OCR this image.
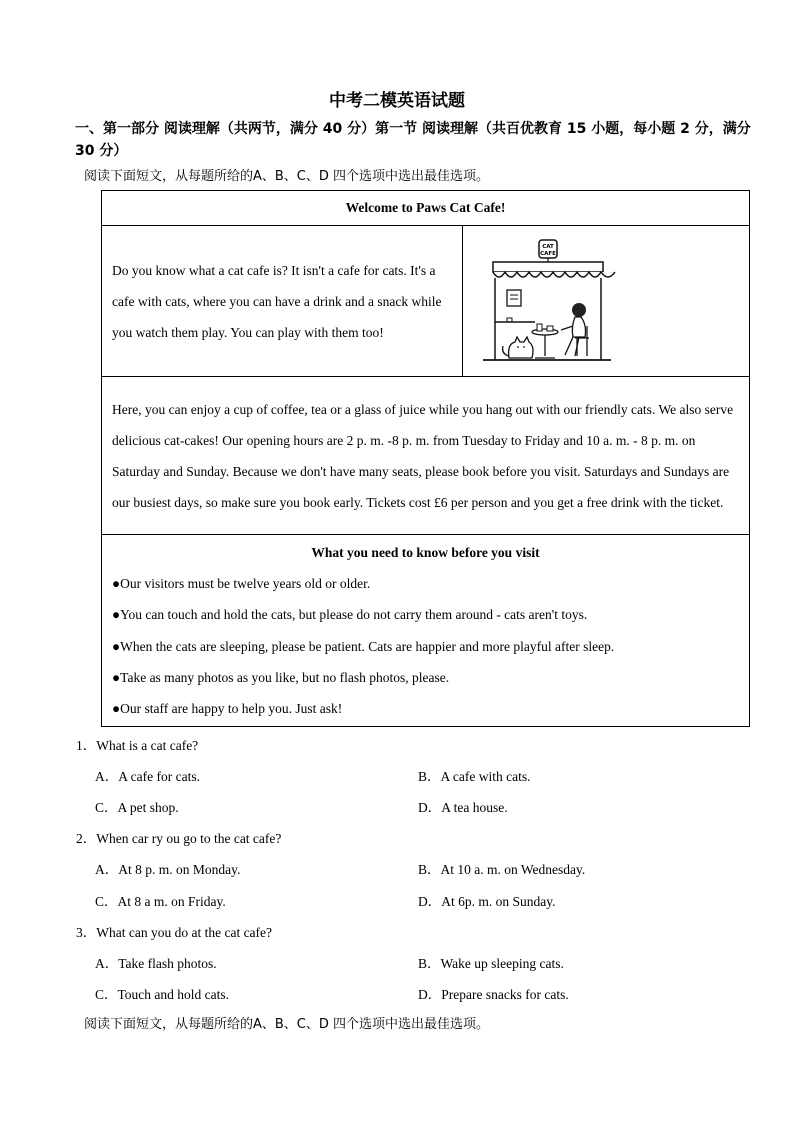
中考二模英语试题
一、第一部分 阅读理解（共两节，满分 40 分）第一节 阅读理解（共百优教育 15 小题，每小题 2 分，满分 30 分）
阅读下面短文，从每题所给的A、B、C、D 四个选项中选出最佳选项。
Welcome to Paws Cat Cafe!
Do you know what a cat cafe is? It isn't a cafe for cats. It's a cafe with cats, where you can have a drink and a snack while you watch them play. You can play with them too!	
CAT
CAFE

Here, you can enjoy a cup of coffee, tea or a glass of juice while you hang out with our friendly cats. We also serve delicious cat-cakes! Our opening hours are 2 p. m. -8 p. m. from Tuesday to Friday and 10 a. m. - 8 p. m. on Saturday and Sunday. Because we don't have many seats, please book before you visit. Saturdays and Sundays are our busiest days, so make sure you book early. Tickets cost £6 per person and you get a free drink with the ticket.

What you need to know before you visit
●Our visitors must be twelve years old or older.
●You can touch and hold the cats, but please do not carry them around - cats aren't toys.
●When the cats are sleeping, please be patient. Cats are happier and more playful after sleep.
●Take as many photos as you like, but no flash photos, please.
●Our staff are happy to help you. Just ask!
1．What is a cat cafe?
A．A cafe for cats.	B．A cafe with cats.
C．A pet shop.	D．A tea house.
2．When car ry ou go to the cat cafe?
A．At 8 p. m. on Monday.	B．At 10 a. m. on Wednesday.
C．At 8 a m. on Friday.	D．At 6p. m. on Sunday.
3．What can you do at the cat cafe?
A．Take flash photos.	B．Wake up sleeping cats.
C．Touch and hold cats.	D．Prepare snacks for cats.
阅读下面短文，从每题所给的A、B、C、D 四个选项中选出最佳选项。
